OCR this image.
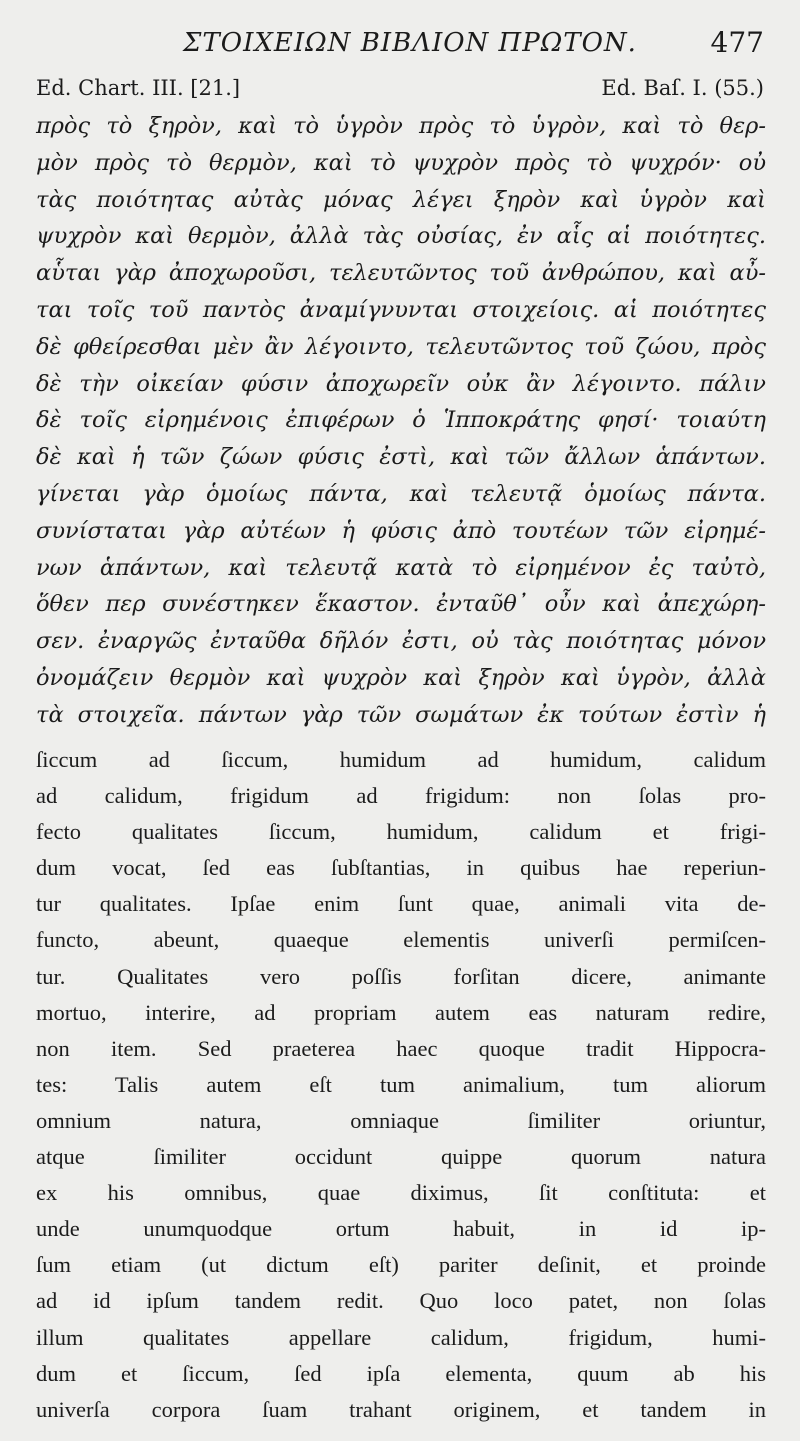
ΣΤΟΙΧΕΙΩΝ ΒΙΒΛΙΟΝ ΠΡΩΤΟΝ.	477
Ed. Chart. III. [21.]	Ed. Baſ. I. (55.)
πρὸς τὸ ξηρὸν, καὶ τὸ ὑγρὸν πρὸς τὸ ὑγρὸν, καὶ τὸ θερ-
μὸν πρὸς τὸ θερμὸν, καὶ τὸ ψυχρὸν πρὸς τὸ ψυχρόν· οὐ
τὰς ποιότητας αὐτὰς μόνας λέγει ξηρὸν καὶ ὑγρὸν καὶ
ψυχρὸν καὶ θερμὸν, ἀλλὰ τὰς οὐσίας, ἐν αἷς αἱ ποιότητες.
αὗται γὰρ ἀποχωροῦσι, τελευτῶντος τοῦ ἀνθρώπου, καὶ αὖ-
ται τοῖς τοῦ παντὸς ἀναμίγνυνται στοιχείοις. αἱ ποιότητες
δὲ φθείρεσθαι μὲν ἂν λέγοιντο, τελευτῶντος τοῦ ζώου, πρὸς
δὲ τὴν οἰκείαν φύσιν ἀποχωρεῖν οὐκ ἂν λέγοιντο. πάλιν
δὲ τοῖς εἰρημένοις ἐπιφέρων ὁ Ἱπποκράτης φησί· τοιαύτη
δὲ καὶ ἡ τῶν ζώων φύσις ἐστὶ, καὶ τῶν ἄλλων ἁπάντων.
γίνεται γὰρ ὁμοίως πάντα, καὶ τελευτᾷ ὁμοίως πάντα.
συνίσταται γὰρ αὐτέων ἡ φύσις ἀπὸ τουτέων τῶν εἰρημέ-
νων ἁπάντων, καὶ τελευτᾷ κατὰ τὸ εἰρημένον ἐς ταὐτὸ,
ὅθεν περ συνέστηκεν ἕκαστον. ἐνταῦθ᾽ οὖν καὶ ἀπεχώρη-
σεν. ἐναργῶς ἐνταῦθα δῆλόν ἐστι, οὐ τὰς ποιότητας μόνον
ὀνομάζειν θερμὸν καὶ ψυχρὸν καὶ ξηρὸν καὶ ὑγρὸν, ἀλλὰ
τὰ στοιχεῖα. πάντων γὰρ τῶν σωμάτων ἐκ τούτων ἐστὶν ἡ
ſiccum ad ſiccum, humidum ad humidum, calidum
ad calidum, frigidum ad frigidum: non ſolas pro-
fecto qualitates ſiccum, humidum, calidum et frigi-
dum vocat, ſed eas ſubſtantias, in quibus hae reperiun-
tur qualitates. Ipſae enim ſunt quae, animali vita de-
functo, abeunt, quaeque elementis univerſi permiſcen-
tur. Qualitates vero poſſis forſitan dicere, animante
mortuo, interire, ad propriam autem eas naturam redire,
non item. Sed praeterea haec quoque tradit Hippocra-
tes: Talis autem eſt tum animalium, tum aliorum
omnium natura, omniaque ſimiliter oriuntur,
atque ſimiliter occidunt quippe quorum natura
ex his omnibus, quae diximus, ſit conſtituta: et
unde unumquodque ortum habuit, in id ip-
ſum etiam (ut dictum eſt) pariter deſinit, et proinde
ad id ipſum tandem redit. Quo loco patet, non ſolas
illum qualitates appellare calidum, frigidum, humi-
dum et ſiccum, ſed ipſa elementa, quum ab his
univerſa corpora ſuam trahant originem, et tandem in
